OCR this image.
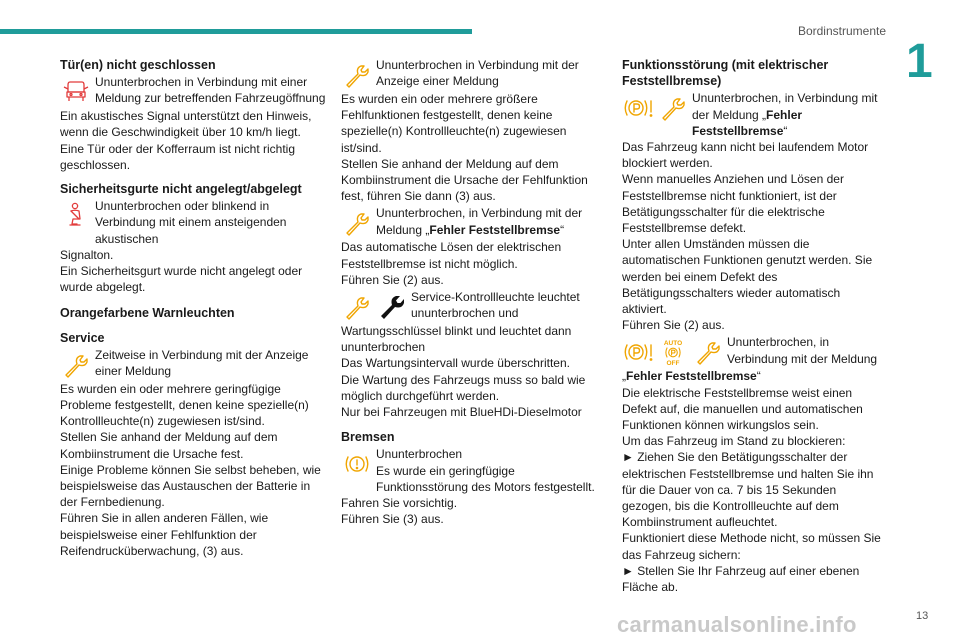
Bordinstrumente
1
Tür(en) nicht geschlossen
Ununterbrochen in Verbindung mit einer Meldung zur betreffenden Fahrzeugöffnung

Ein akustisches Signal unterstützt den Hinweis, wenn die Geschwindigkeit über 10 km/h liegt.

Eine Tür oder der Kofferraum ist nicht richtig geschlossen.

Sicherheitsgurte nicht angelegt/abgelegt
Ununterbrochen oder blinkend in Verbindung mit einem ansteigenden akustischen

Signalton.

Ein Sicherheitsgurt wurde nicht angelegt oder wurde abgelegt.

Orangefarbene Warnleuchten
Service
Zeitweise in Verbindung mit der Anzeige einer Meldung

Es wurden ein oder mehrere geringfügige Probleme festgestellt, denen keine spezielle(n) Kontrollleuchte(n) zugewiesen ist/sind.

Stellen Sie anhand der Meldung auf dem Kombiinstrument die Ursache fest.

Einige Probleme können Sie selbst beheben, wie beispielsweise das Austauschen der Batterie in der Fernbedienung.

Führen Sie in allen anderen Fällen, wie beispielsweise einer Fehlfunktion der Reifendrucküberwachung, (3) aus.

Ununterbrochen in Verbindung mit der Anzeige einer Meldung

Es wurden ein oder mehrere größere Fehlfunktionen festgestellt, denen keine spezielle(n) Kontrollleuchte(n) zugewiesen ist/sind.

Stellen Sie anhand der Meldung auf dem Kombiinstrument die Ursache der Fehlfunktion fest, führen Sie dann (3) aus.

Ununterbrochen, in Verbindung mit der Meldung „Fehler Feststellbremse“

Das automatische Lösen der elektrischen Feststellbremse ist nicht möglich.

Führen Sie (2) aus.

Service-Kontrollleuchte leuchtet ununterbrochen und

Wartungsschlüssel blinkt und leuchtet dann ununterbrochen

Das Wartungsintervall wurde überschritten.

Die Wartung des Fahrzeugs muss so bald wie möglich durchgeführt werden.

Nur bei Fahrzeugen mit BlueHDi-Dieselmotor

Bremsen
Ununterbrochen
Es wurde ein geringfügige Funktionsstörung des Motors festgestellt.

Fahren Sie vorsichtig.

Führen Sie (3) aus.

Funktionsstörung (mit elektrischer Feststellbremse)
Ununterbrochen, in Verbindung mit der Meldung „Fehler Feststellbremse“

Das Fahrzeug kann nicht bei laufendem Motor blockiert werden.

Wenn manuelles Anziehen und Lösen der Feststellbremse nicht funktioniert, ist der Betätigungsschalter für die elektrische Feststellbremse defekt.

Unter allen Umständen müssen die automatischen Funktionen genutzt werden. Sie werden bei einem Defekt des Betätigungsschalters wieder automatisch aktiviert.

Führen Sie (2) aus.

AUTO
OFF
Ununterbrochen, in Verbindung mit der Meldung

„Fehler Feststellbremse“

Die elektrische Feststellbremse weist einen Defekt auf, die manuellen und automatischen Funktionen können wirkungslos sein.

Um das Fahrzeug im Stand zu blockieren:

► Ziehen Sie den Betätigungsschalter der elektrischen Feststellbremse und halten Sie ihn für die Dauer von ca. 7 bis 15 Sekunden gezogen, bis die Kontrollleuchte auf dem Kombiinstrument aufleuchtet.

Funktioniert diese Methode nicht, so müssen Sie das Fahrzeug sichern:

► Stellen Sie Ihr Fahrzeug auf einer ebenen Fläche ab.

carmanualsonline.info	13
